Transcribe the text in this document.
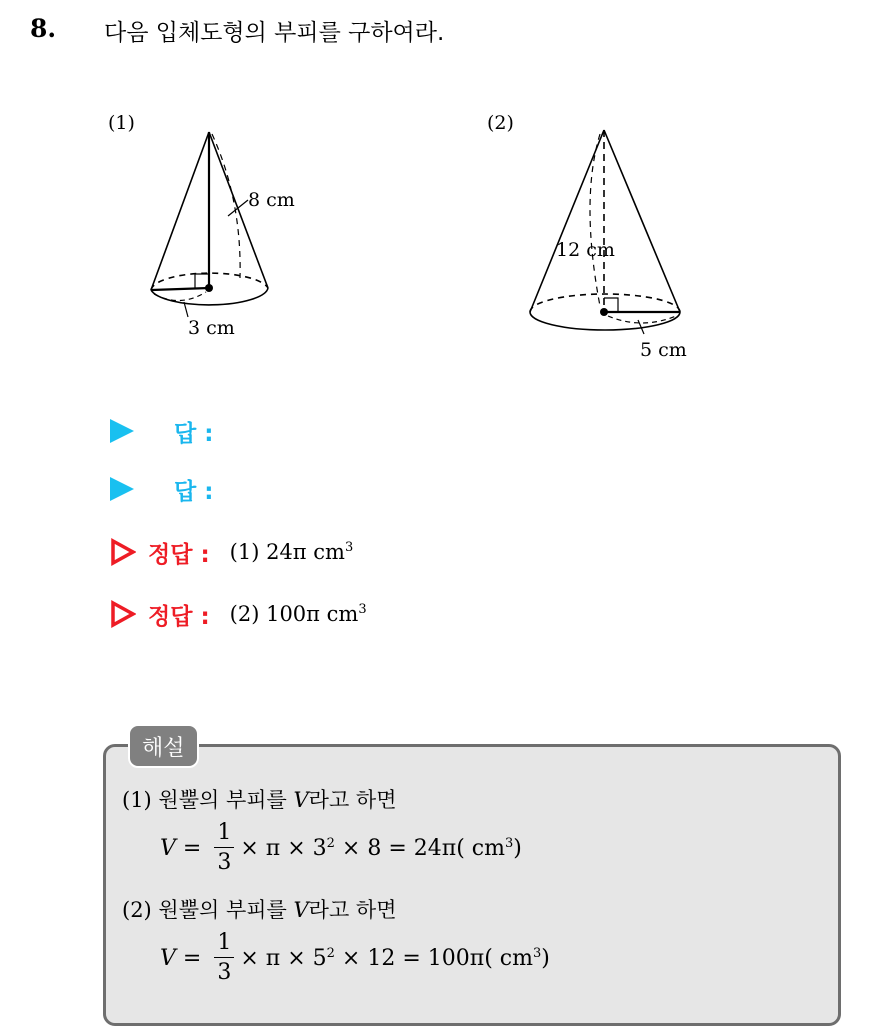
8. 다음 입체도형의 부피를 구하여라.
(1)
8 cm
3 cm
(2)
12 cm
5 cm
답 :
답 :
정답 : (1) 24π $cm^3$
정답 : (2) 100π $cm^3$
해설
(1) 원뿔의 부피를 V라고 하면
$V = \frac{1}{3} \times \pi \times 3^2 \times 8 = 24\pi$( $cm^3$ )
(2) 원뿔의 부피를 V라고 하면
$V = \frac{1}{3} \times \pi \times 5^2 \times 12 = 100\pi$( $cm^3$ )
